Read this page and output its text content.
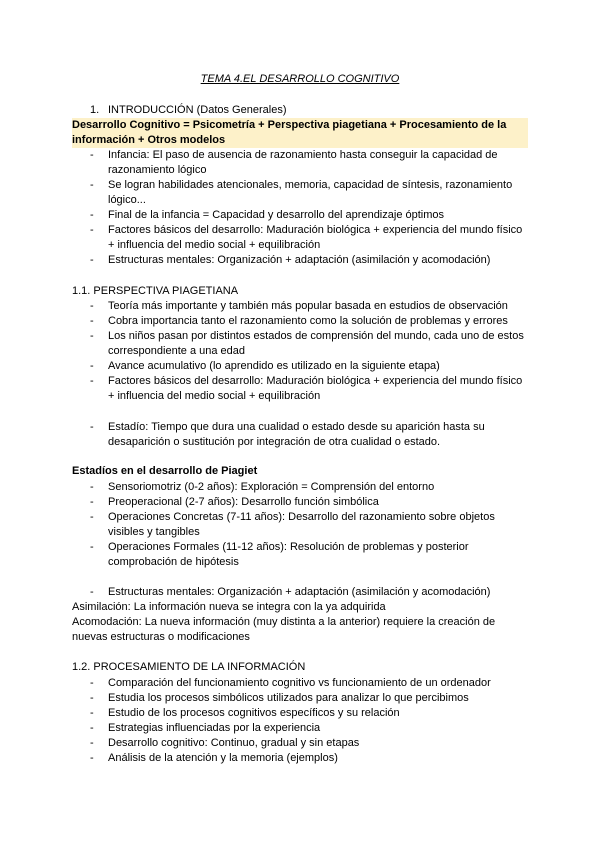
TEMA 4.EL DESARROLLO COGNITIVO
1. INTRODUCCIÓN (Datos Generales)
Desarrollo Cognitivo = Psicometría + Perspectiva piagetiana + Procesamiento de la información + Otros modelos
- Infancia: El paso de ausencia de razonamiento hasta conseguir la capacidad de razonamiento lógico
- Se logran habilidades atencionales, memoria, capacidad de síntesis, razonamiento lógico...
- Final de la infancia = Capacidad y desarrollo del aprendizaje óptimos
- Factores básicos del desarrollo: Maduración biológica + experiencia del mundo físico + influencia del medio social + equilibración
- Estructuras mentales: Organización + adaptación (asimilación y acomodación)
1.1. PERSPECTIVA PIAGETIANA
- Teoría más importante y también más popular basada en estudios de observación
- Cobra importancia tanto el razonamiento como la solución de problemas y errores
- Los niños pasan por distintos estados de comprensión del mundo, cada uno de estos correspondiente a una edad
- Avance acumulativo (lo aprendido es utilizado en la siguiente etapa)
- Factores básicos del desarrollo: Maduración biológica + experiencia del mundo físico + influencia del medio social + equilibración
- Estadío: Tiempo que dura una cualidad o estado desde su aparición hasta su desaparición o sustitución por integración de otra cualidad o estado.
Estadíos en el desarrollo de Piagiet
- Sensoriomotriz (0-2 años): Exploración = Comprensión del entorno
- Preoperacional (2-7 años): Desarrollo función simbólica
- Operaciones Concretas (7-11 años): Desarrollo del razonamiento sobre objetos visibles y tangibles
- Operaciones Formales (11-12 años): Resolución de problemas y posterior comprobación de hipótesis
- Estructuras mentales: Organización + adaptación (asimilación y acomodación)
Asimilación: La información nueva se integra con la ya adquirida
Acomodación: La nueva información (muy distinta a la anterior) requiere la creación de nuevas estructuras o modificaciones
1.2. PROCESAMIENTO DE LA INFORMACIÓN
- Comparación del funcionamiento cognitivo vs funcionamiento de un ordenador
- Estudia los procesos simbólicos utilizados para analizar lo que percibimos
- Estudio de los procesos cognitivos específicos y su relación
- Estrategias influenciadas por la experiencia
- Desarrollo cognitivo: Continuo, gradual y sin etapas
- Análisis de la atención y la memoria (ejemplos)
